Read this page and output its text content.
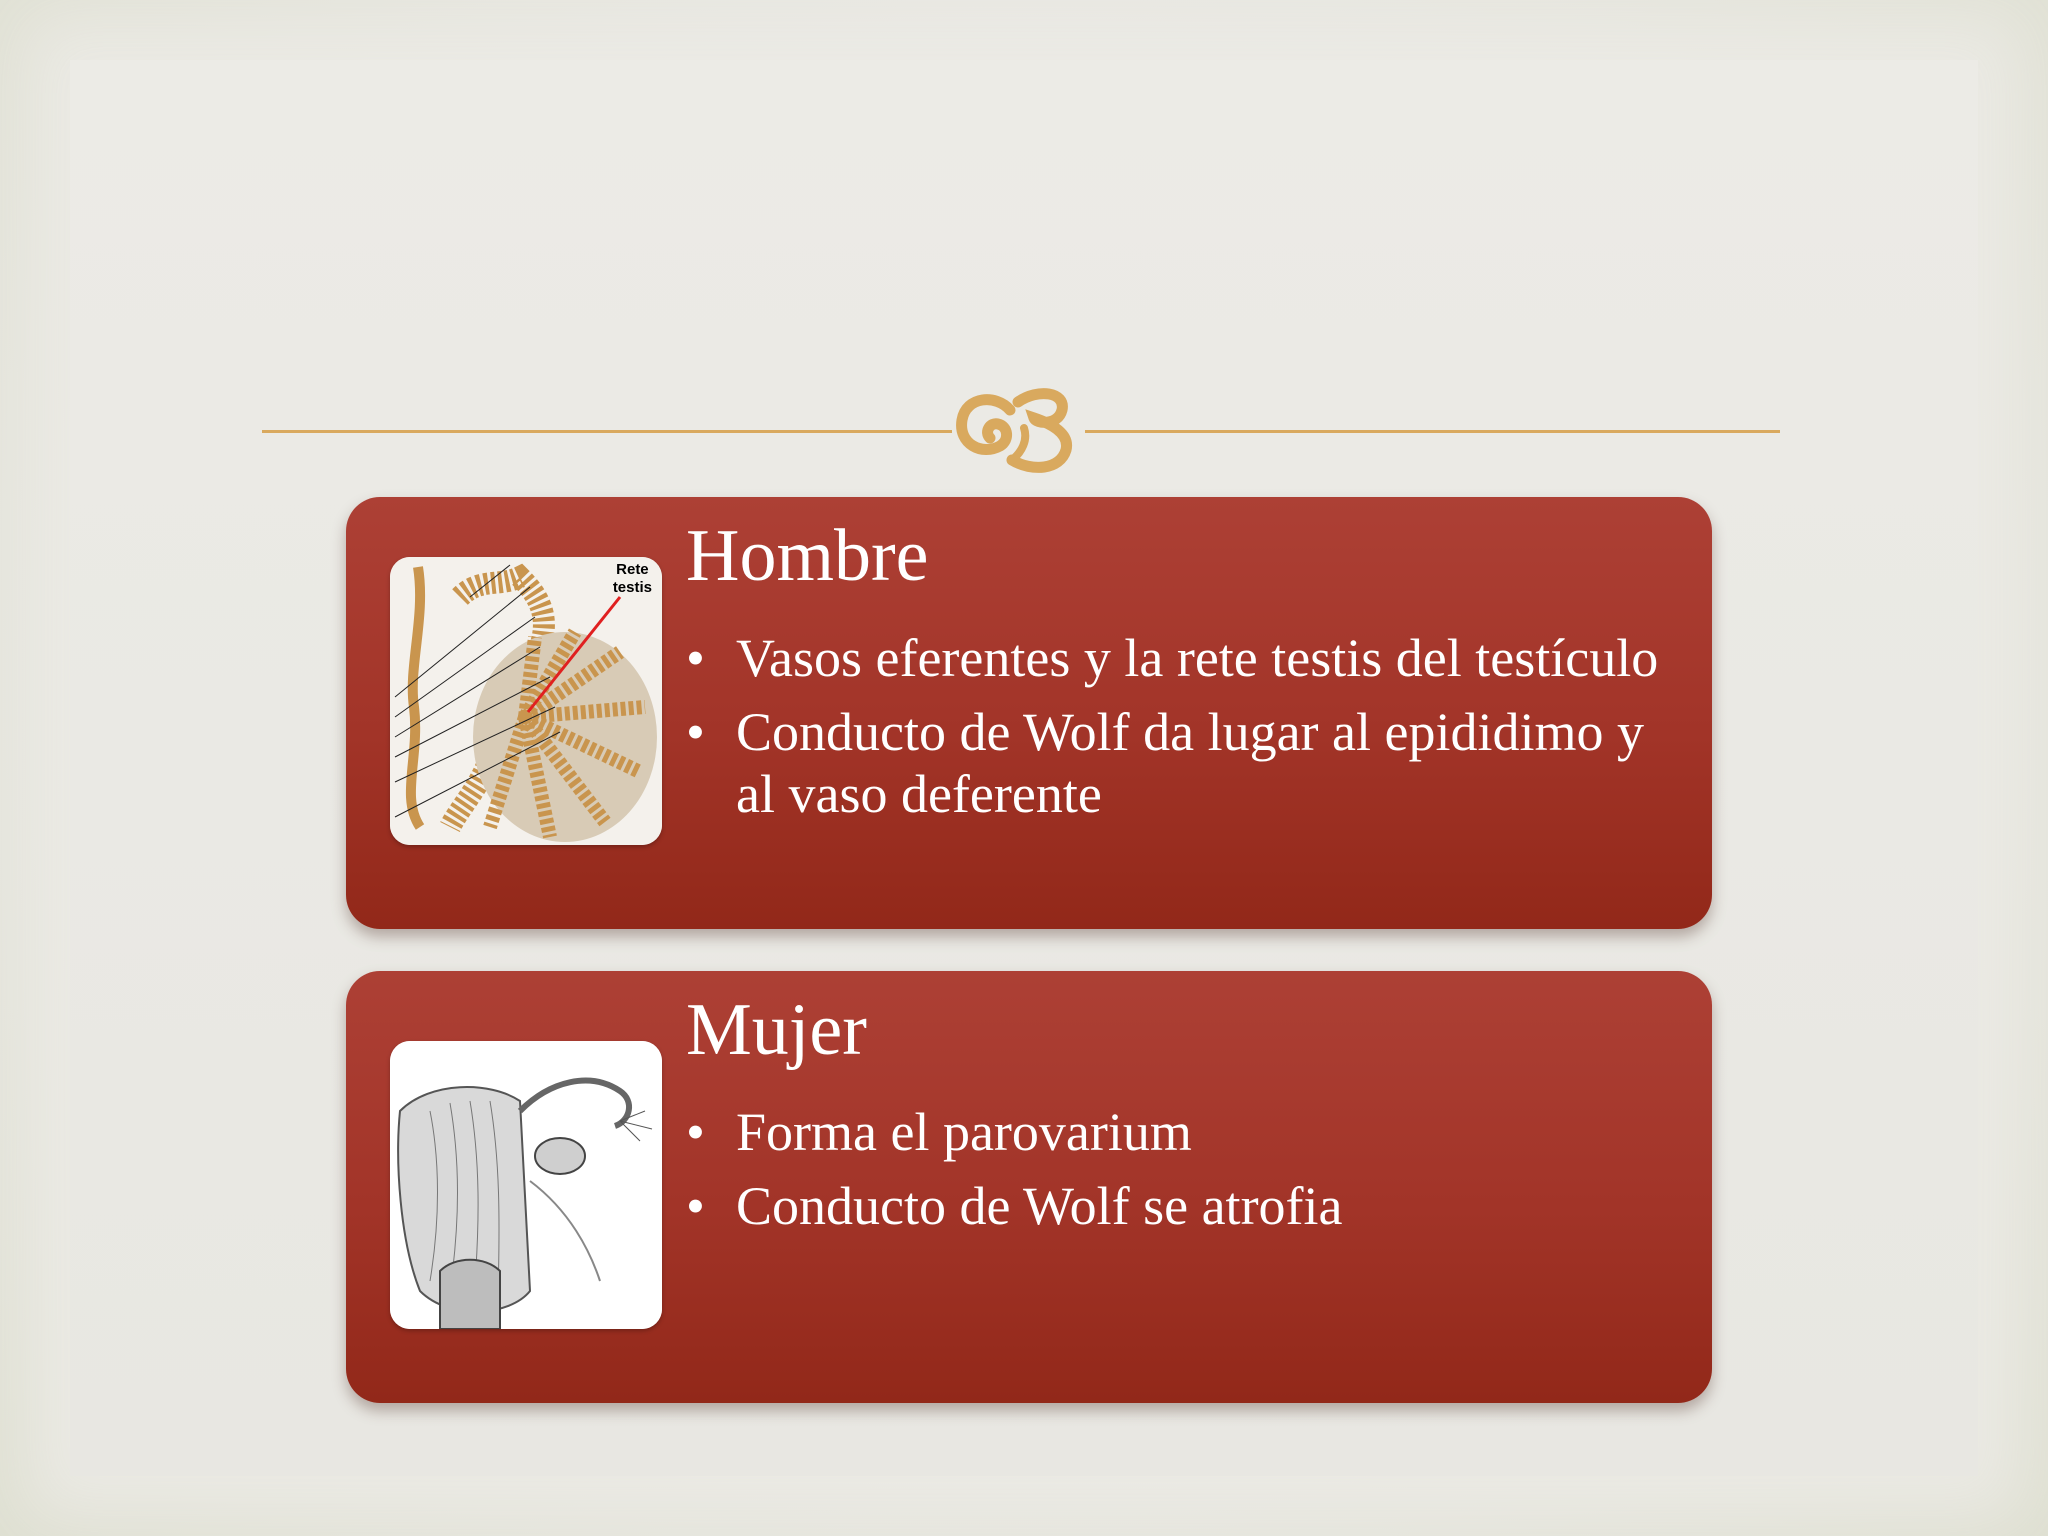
Rete
testis Hombre
• Vasos eferentes y la rete testis del testículo
• Conducto de Wolf da lugar al epididimo y al vaso deferente
Mujer
• Forma el parovarium
• Conducto de Wolf se atrofia
